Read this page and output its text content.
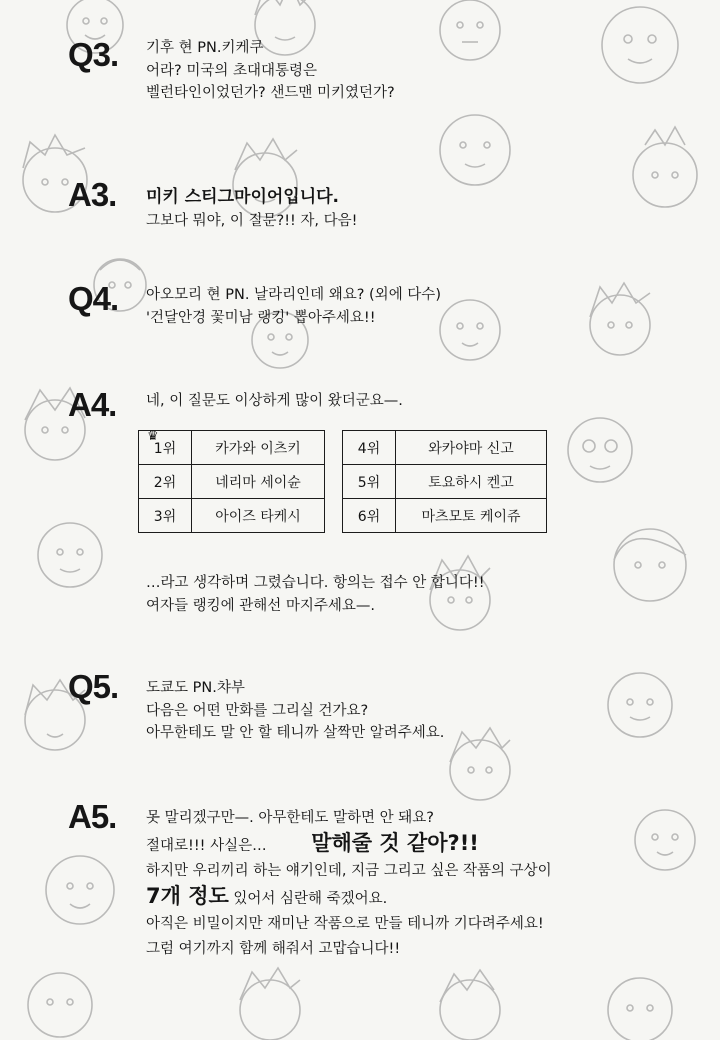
Q3. 기후 현 PN.키케쿠
어라? 미국의 초대대통령은
벨런타인이었던가? 샌드맨 미키였던가?
A3. 미키 스티그마이어입니다.
그보다 뭐야, 이 질문?!! 자, 다음!
Q4. 아오모리 현 PN. 날라리인데 왜요? (외에 다수)
'건달안경 꽃미남 랭킹' 뽑아주세요!!
A4. 네, 이 질문도 이상하게 많이 왔더군요—.
♛
1위	카가와 이츠키
2위	네리마 세이슌
3위	아이즈 타케시
4위	와카야마 신고
5위	토요하시 켄고
6위	마츠모토 케이쥬
…라고 생각하며 그렸습니다. 항의는 접수 안 합니다!!
여자들 랭킹에 관해선 마지주세요—.
Q5. 도쿄도 PN.챠부
다음은 어떤 만화를 그리실 건가요?
아무한테도 말 안 할 테니까 살짝만 알려주세요.
A5. 못 말리겠구만—. 아무한테도 말하면 안 돼요?
절대로!!! 사실은… 말해줄 것 같아?!!
하지만 우리끼리 하는 얘기인데, 지금 그리고 싶은 작품의 구상이
7개 정도 있어서 심란해 죽겠어요.
아직은 비밀이지만 재미난 작품으로 만들 테니까 기다려주세요!
그럼 여기까지 함께 해줘서 고맙습니다!!
